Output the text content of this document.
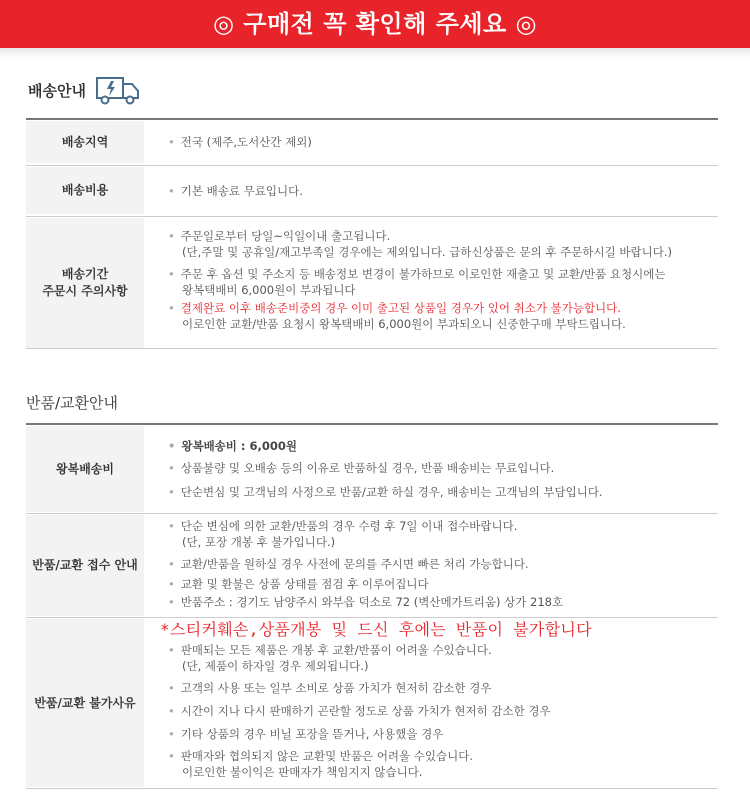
◎ 구매전 꼭 확인해 주세요 ◎
배송안내
배송지역	• 전국 (제주,도서산간 제외)
배송비용	• 기본 배송료 무료입니다.
배송기간
주문시 주의사항
• 주문일로부터 당일~익일이내 출고됩니다.
(단,주말 및 공휴일/재고부족일 경우에는 제외입니다. 급하신상품은 문의 후 주문하시길 바랍니다.)
• 주문 후 옵션 및 주소지 등 배송정보 변경이 불가하므로 이로인한 재출고 및 교환/반품 요청시에는
왕복택배비 6,000원이 부과됩니다
• 결제완료 이후 배송준비중의 경우 이미 출고된 상품일 경우가 있어 취소가 불가능합니다.
이로인한 교환/반품 요청시 왕복택배비 6,000원이 부과되오니 신중한구매 부탁드립니다.
반품/교환안내
왕복배송비
• 왕복배송비 : 6,000원
• 상품불량 및 오배송 등의 이유로 반품하실 경우, 반품 배송비는 무료입니다.
• 단순변심 및 고객님의 사정으로 반품/교환 하실 경우, 배송비는 고객님의 부담입니다.
반품/교환 접수 안내
• 단순 변심에 의한 교환/반품의 경우 수령 후 7일 이내 접수바랍니다.
(단, 포장 개봉 후 불가입니다.)
• 교환/반품을 원하실 경우 사전에 문의를 주시면 빠른 처리 가능합니다.
• 교환 및 환불은 상품 상태를 점검 후 이루어집니다
• 반품주소 : 경기도 남양주시 와부읍 덕소로 72 (벽산메가트리움) 상가 218호
반품/교환 불가사유
*스티커훼손,상품개봉 및 드신 후에는 반품이 불가합니다
• 판매되는 모든 제품은 개봉 후 교환/반품이 어려울 수있습니다.
(단, 제품이 하자일 경우 제외됩니다.)
• 고객의 사용 또는 일부 소비로 상품 가치가 현저히 감소한 경우
• 시간이 지나 다시 판매하기 곤란할 정도로 상품 가치가 현저히 감소한 경우
• 기타 상품의 경우 비닐 포장을 뜯거나, 사용했을 경우
• 판매자와 협의되지 않은 교환및 반품은 어려울 수있습니다.
이로인한 불이익은 판매자가 책임지지 않습니다.
